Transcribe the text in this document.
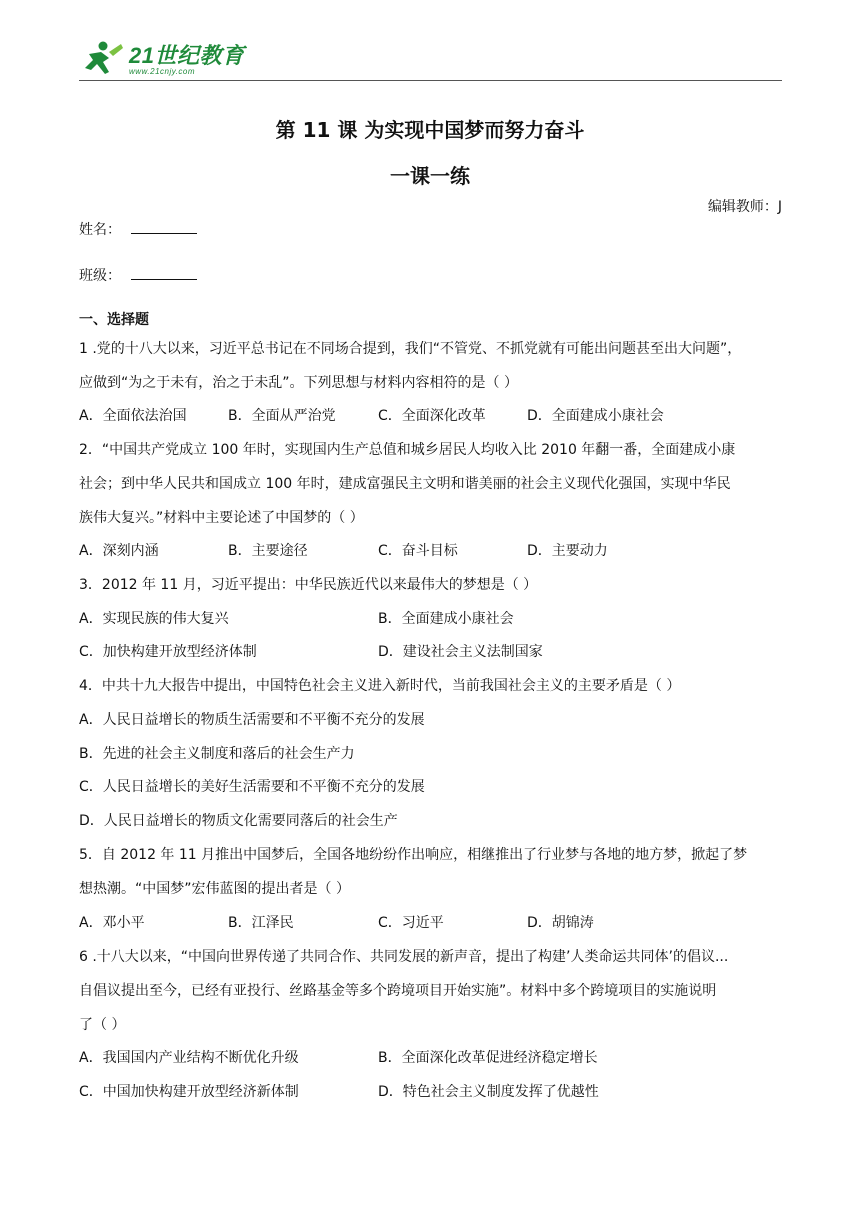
21世纪教育
www.21cnjy.com
第 11 课 为实现中国梦而努力奋斗
一课一练
编辑教师：J
姓名：
班级：
一、选择题
1 .党的十八大以来，习近平总书记在不同场合提到，我们“不管党、不抓党就有可能出问题甚至出大问题”，
应做到“为之于未有，治之于未乱”。下列思想与材料内容相符的是（ ）
A．全面依法治国	B．全面从严治党	C．全面深化改革	D．全面建成小康社会
2．“中国共产党成立 100 年时，实现国内生产总值和城乡居民人均收入比 2010 年翻一番，全面建成小康
社会；到中华人民共和国成立 100 年时，建成富强民主文明和谐美丽的社会主义现代化强国，实现中华民
族伟大复兴。”材料中主要论述了中国梦的（ ）
A．深刻内涵	B．主要途径	C．奋斗目标	D．主要动力
3．2012 年 11 月，习近平提出：中华民族近代以来最伟大的梦想是（ ）
A．实现民族的伟大复兴	B．全面建成小康社会
C．加快构建开放型经济体制	D．建设社会主义法制国家
4．中共十九大报告中提出，中国特色社会主义进入新时代，当前我国社会主义的主要矛盾是（ ）
A．人民日益增长的物质生活需要和不平衡不充分的发展
B．先进的社会主义制度和落后的社会生产力
C．人民日益增长的美好生活需要和不平衡不充分的发展
D．人民日益增长的物质文化需要同落后的社会生产
5．自 2012 年 11 月推出中国梦后，全国各地纷纷作出响应，相继推出了行业梦与各地的地方梦，掀起了梦
想热潮。“中国梦”宏伟蓝图的提出者是（ ）
A．邓小平	B．江泽民	C．习近平	D．胡锦涛
6 .十八大以来，“中国向世界传递了共同合作、共同发展的新声音，提出了构建’人类命运共同体’的倡议...
自倡议提出至今，已经有亚投行、丝路基金等多个跨境项目开始实施”。材料中多个跨境项目的实施说明
了（ ）
A．我国国内产业结构不断优化升级	B．全面深化改革促进经济稳定增长
C．中国加快构建开放型经济新体制	D．特色社会主义制度发挥了优越性
